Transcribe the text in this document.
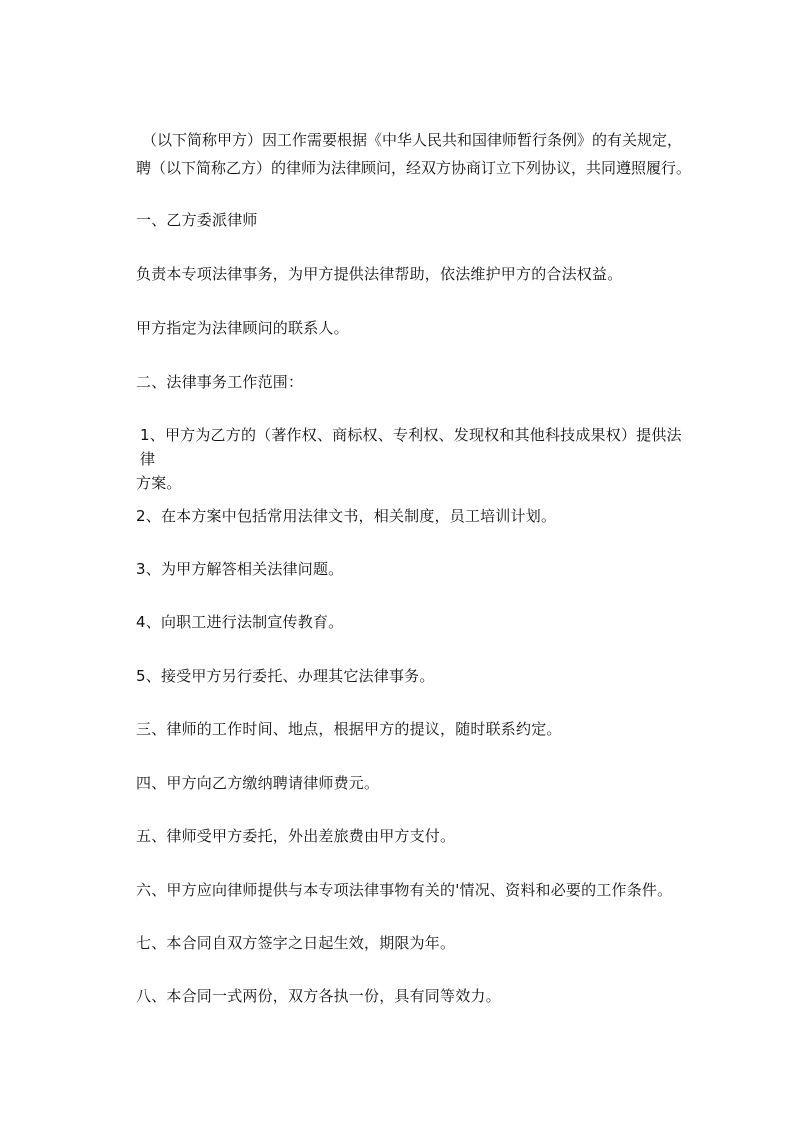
（以下简称甲方）因工作需要根据《中华人民共和国律师暂行条例》的有关规定，

聘（以下简称乙方）的律师为法律顾问，经双方协商订立下列协议，共同遵照履行。

一、乙方委派律师

负责本专项法律事务，为甲方提供法律帮助，依法维护甲方的合法权益。

甲方指定为法律顾问的联系人。

二、法律事务工作范围：

1、甲方为乙方的（著作权、商标权、专利权、发现权和其他科技成果权）提供法律
方案。

2、在本方案中包括常用法律文书，相关制度，员工培训计划。

3、为甲方解答相关法律问题。

4、向职工进行法制宣传教育。

5、接受甲方另行委托、办理其它法律事务。

三、律师的工作时间、地点，根据甲方的提议，随时联系约定。

四、甲方向乙方缴纳聘请律师费元。

五、律师受甲方委托，外出差旅费由甲方支付。

六、甲方应向律师提供与本专项法律事物有关的'情况、资料和必要的工作条件。

七、本合同自双方签字之日起生效，期限为年。

八、本合同一式两份，双方各执一份，具有同等效力。
